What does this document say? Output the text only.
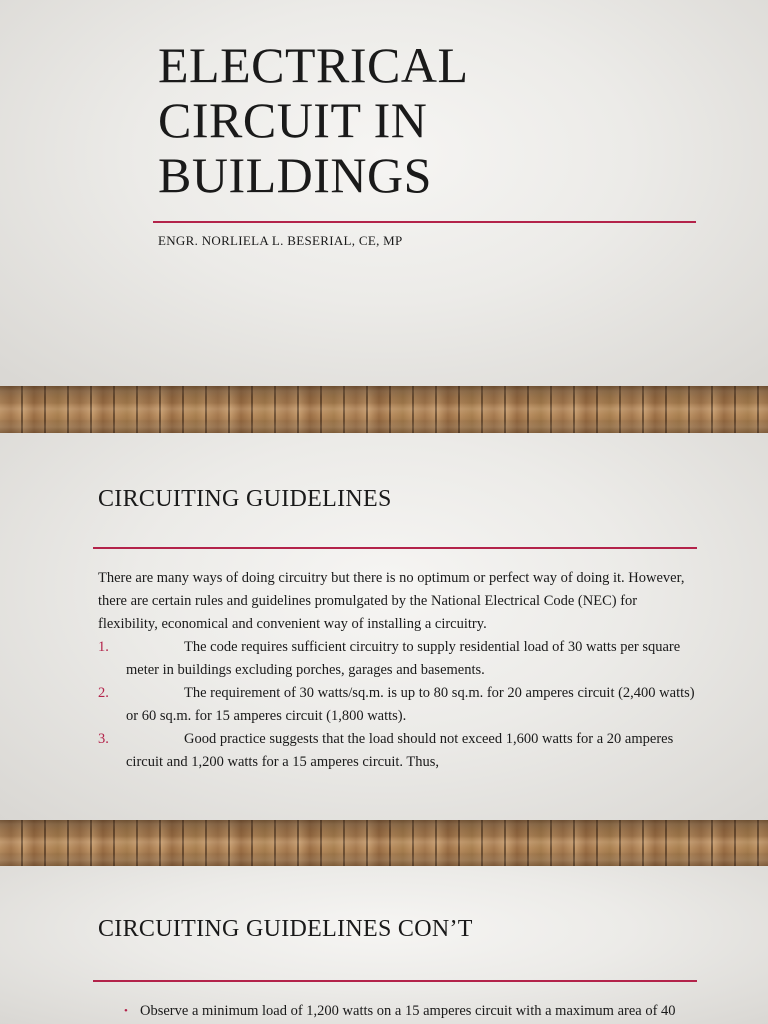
ELECTRICAL
CIRCUIT IN
BUILDINGS
ENGR. NORLIELA L. BESERIAL, CE, MP
CIRCUITING GUIDELINES
There are many ways of doing circuitry but there is no optimum or perfect way of doing it. However, there are certain rules and guidelines promulgated by the National Electrical Code (NEC) for flexibility, economical and convenient way of installing a circuitry.
1.	The code requires sufficient circuitry to supply residential load of 30 watts per square meter in buildings excluding porches, garages and basements.
2.	The requirement of 30 watts/sq.m. is up to 80 sq.m. for 20 amperes circuit (2,400 watts) or 60 sq.m. for 15 amperes circuit (1,800 watts).
3.	Good practice suggests that the load should not exceed 1,600 watts for a 20 amperes circuit and 1,200 watts for a 15 amperes circuit. Thus,
CIRCUITING GUIDELINES CON’T
• Observe a minimum load of 1,200 watts on a 15 amperes circuit with a maximum area of 40
